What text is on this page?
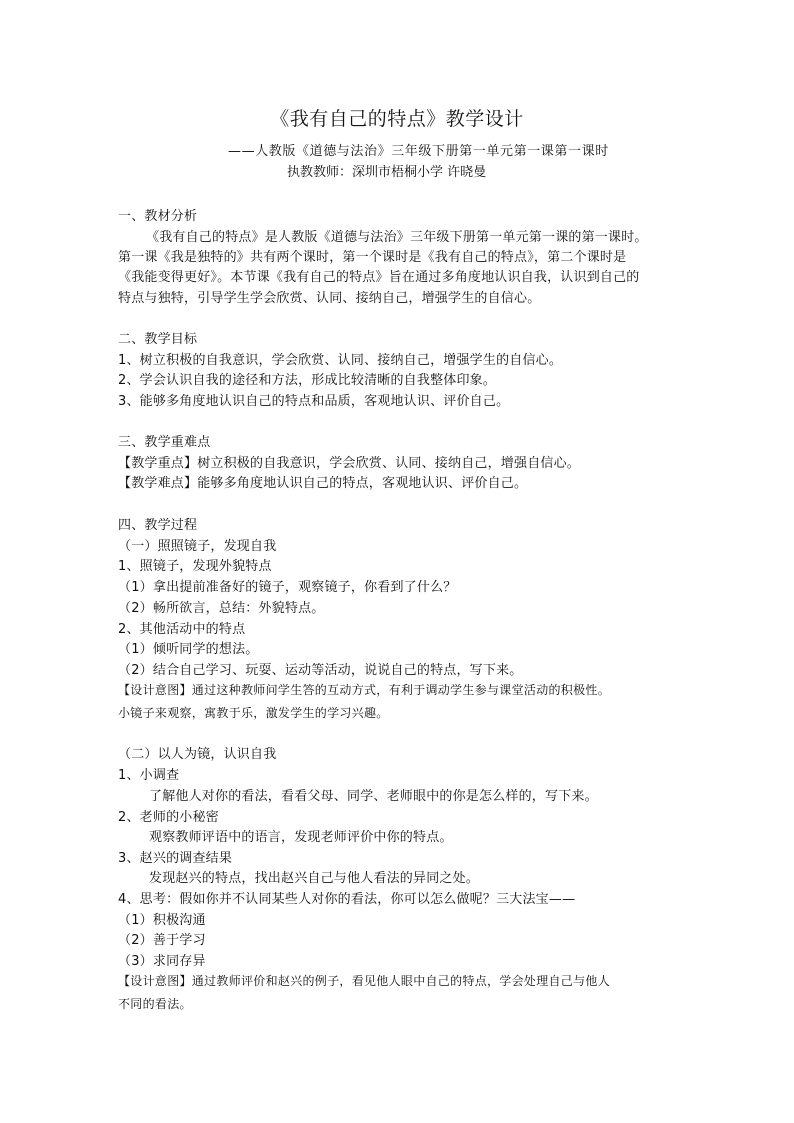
《我有自己的特点》教学设计
——人教版《道德与法治》三年级下册第一单元第一课第一课时
执教教师：深圳市梧桐小学 许晓曼
一、教材分析
《我有自己的特点》是人教版《道德与法治》三年级下册第一单元第一课的第一课时。
第一课《我是独特的》共有两个课时，第一个课时是《我有自己的特点》，第二个课时是
《我能变得更好》。本节课《我有自己的特点》旨在通过多角度地认识自我，认识到自己的
特点与独特，引导学生学会欣赏、认同、接纳自己，增强学生的自信心。
二、教学目标
1、树立积极的自我意识，学会欣赏、认同、接纳自己，增强学生的自信心。
2、学会认识自我的途径和方法，形成比较清晰的自我整体印象。
3、能够多角度地认识自己的特点和品质，客观地认识、评价自己。
三、教学重难点
【教学重点】树立积极的自我意识，学会欣赏、认同、接纳自己，增强自信心。
【教学难点】能够多角度地认识自己的特点，客观地认识、评价自己。
四、教学过程
（一）照照镜子，发现自我
1、照镜子，发现外貌特点
（1）拿出提前准备好的镜子，观察镜子，你看到了什么？
（2）畅所欲言，总结：外貌特点。
2、其他活动中的特点
（1）倾听同学的想法。
（2）结合自己学习、玩耍、运动等活动，说说自己的特点，写下来。
【设计意图】通过这种教师问学生答的互动方式，有利于调动学生参与课堂活动的积极性。
小镜子来观察，寓教于乐，激发学生的学习兴趣。
（二）以人为镜，认识自我
1、小调查
了解他人对你的看法，看看父母、同学、老师眼中的你是怎么样的，写下来。
2、老师的小秘密
观察教师评语中的语言，发现老师评价中你的特点。
3、赵兴的调查结果
发现赵兴的特点，找出赵兴自己与他人看法的异同之处。
4、思考：假如你并不认同某些人对你的看法，你可以怎么做呢？三大法宝——
（1）积极沟通
（2）善于学习
（3）求同存异
【设计意图】通过教师评价和赵兴的例子，看见他人眼中自己的特点，学会处理自己与他人
不同的看法。
